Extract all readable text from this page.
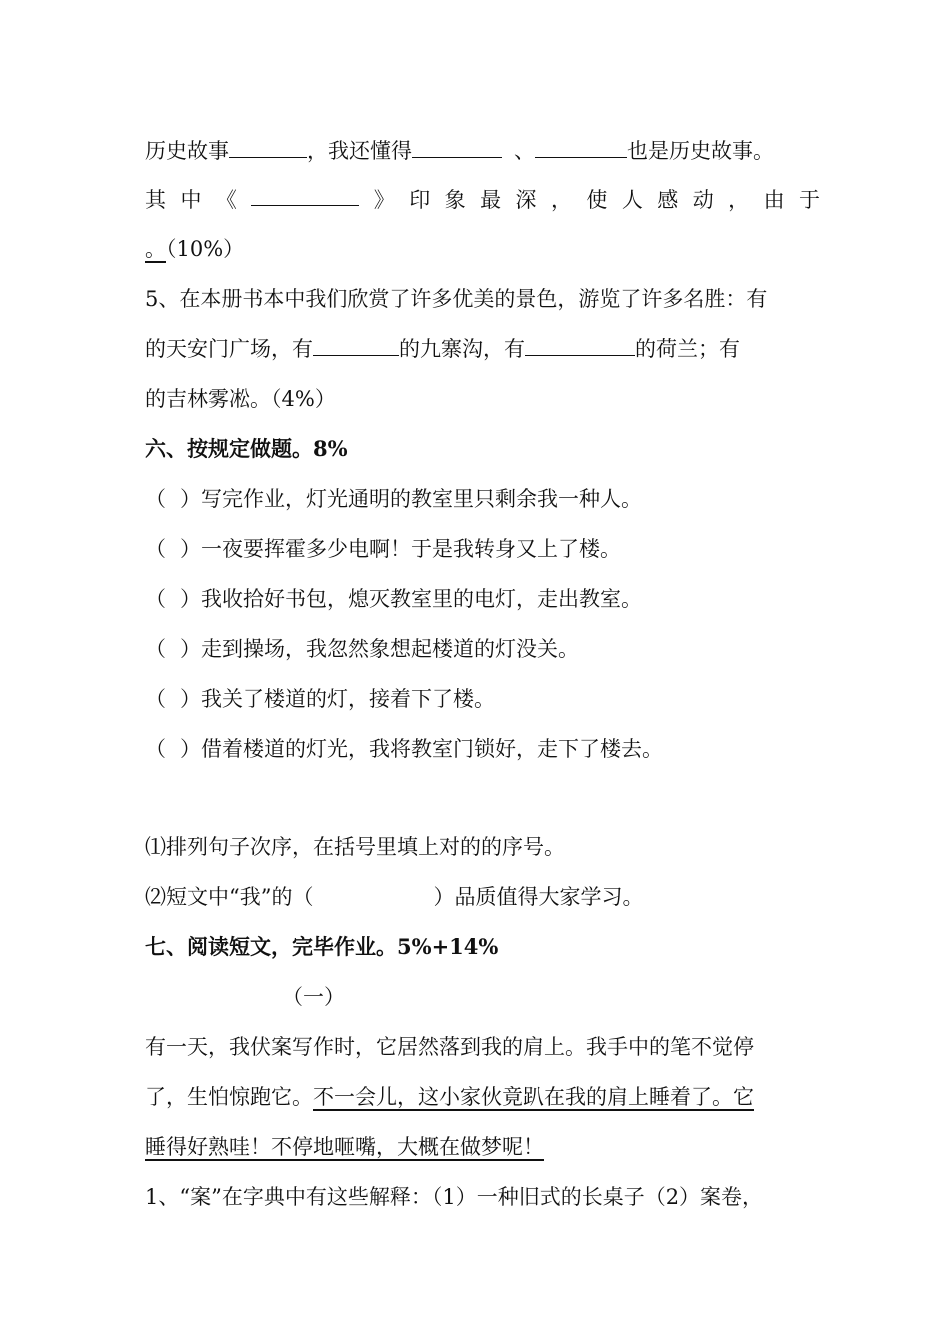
历史故事	，我还懂得	、	也是历史故事。
其 中 《	》 印 象 最 深 ， 使 人 感 动 ， 由 于
。（10%）
5、在本册书本中我们欣赏了许多优美的景色，游览了许多名胜：有
的天安门广场，有	的九寨沟，有	的荷兰；有
的吉林雾凇。（4%）
六、按规定做题。8%
（ ）写完作业，灯光通明的教室里只剩余我一种人。
（ ）一夜要挥霍多少电啊！于是我转身又上了楼。
（ ）我收拾好书包，熄灭教室里的电灯，走出教室。
（ ）走到操场，我忽然象想起楼道的灯没关。
（ ）我关了楼道的灯，接着下了楼。
（ ）借着楼道的灯光，我将教室门锁好，走下了楼去。
⑴排列句子次序，在括号里填上对的的序号。
⑵短文中“我”的（	）品质值得大家学习。
七、阅读短文，完毕作业。5%+14%
（一）
有一天，我伏案写作时，它居然落到我的肩上。我手中的笔不觉停
了，生怕惊跑它。不一会儿，这小家伙竟趴在我的肩上睡着了。它
睡得好熟哇！不停地咂嘴，大概在做梦呢！
1、“案”在字典中有这些解释：（1）一种旧式的长桌子（2）案卷，
